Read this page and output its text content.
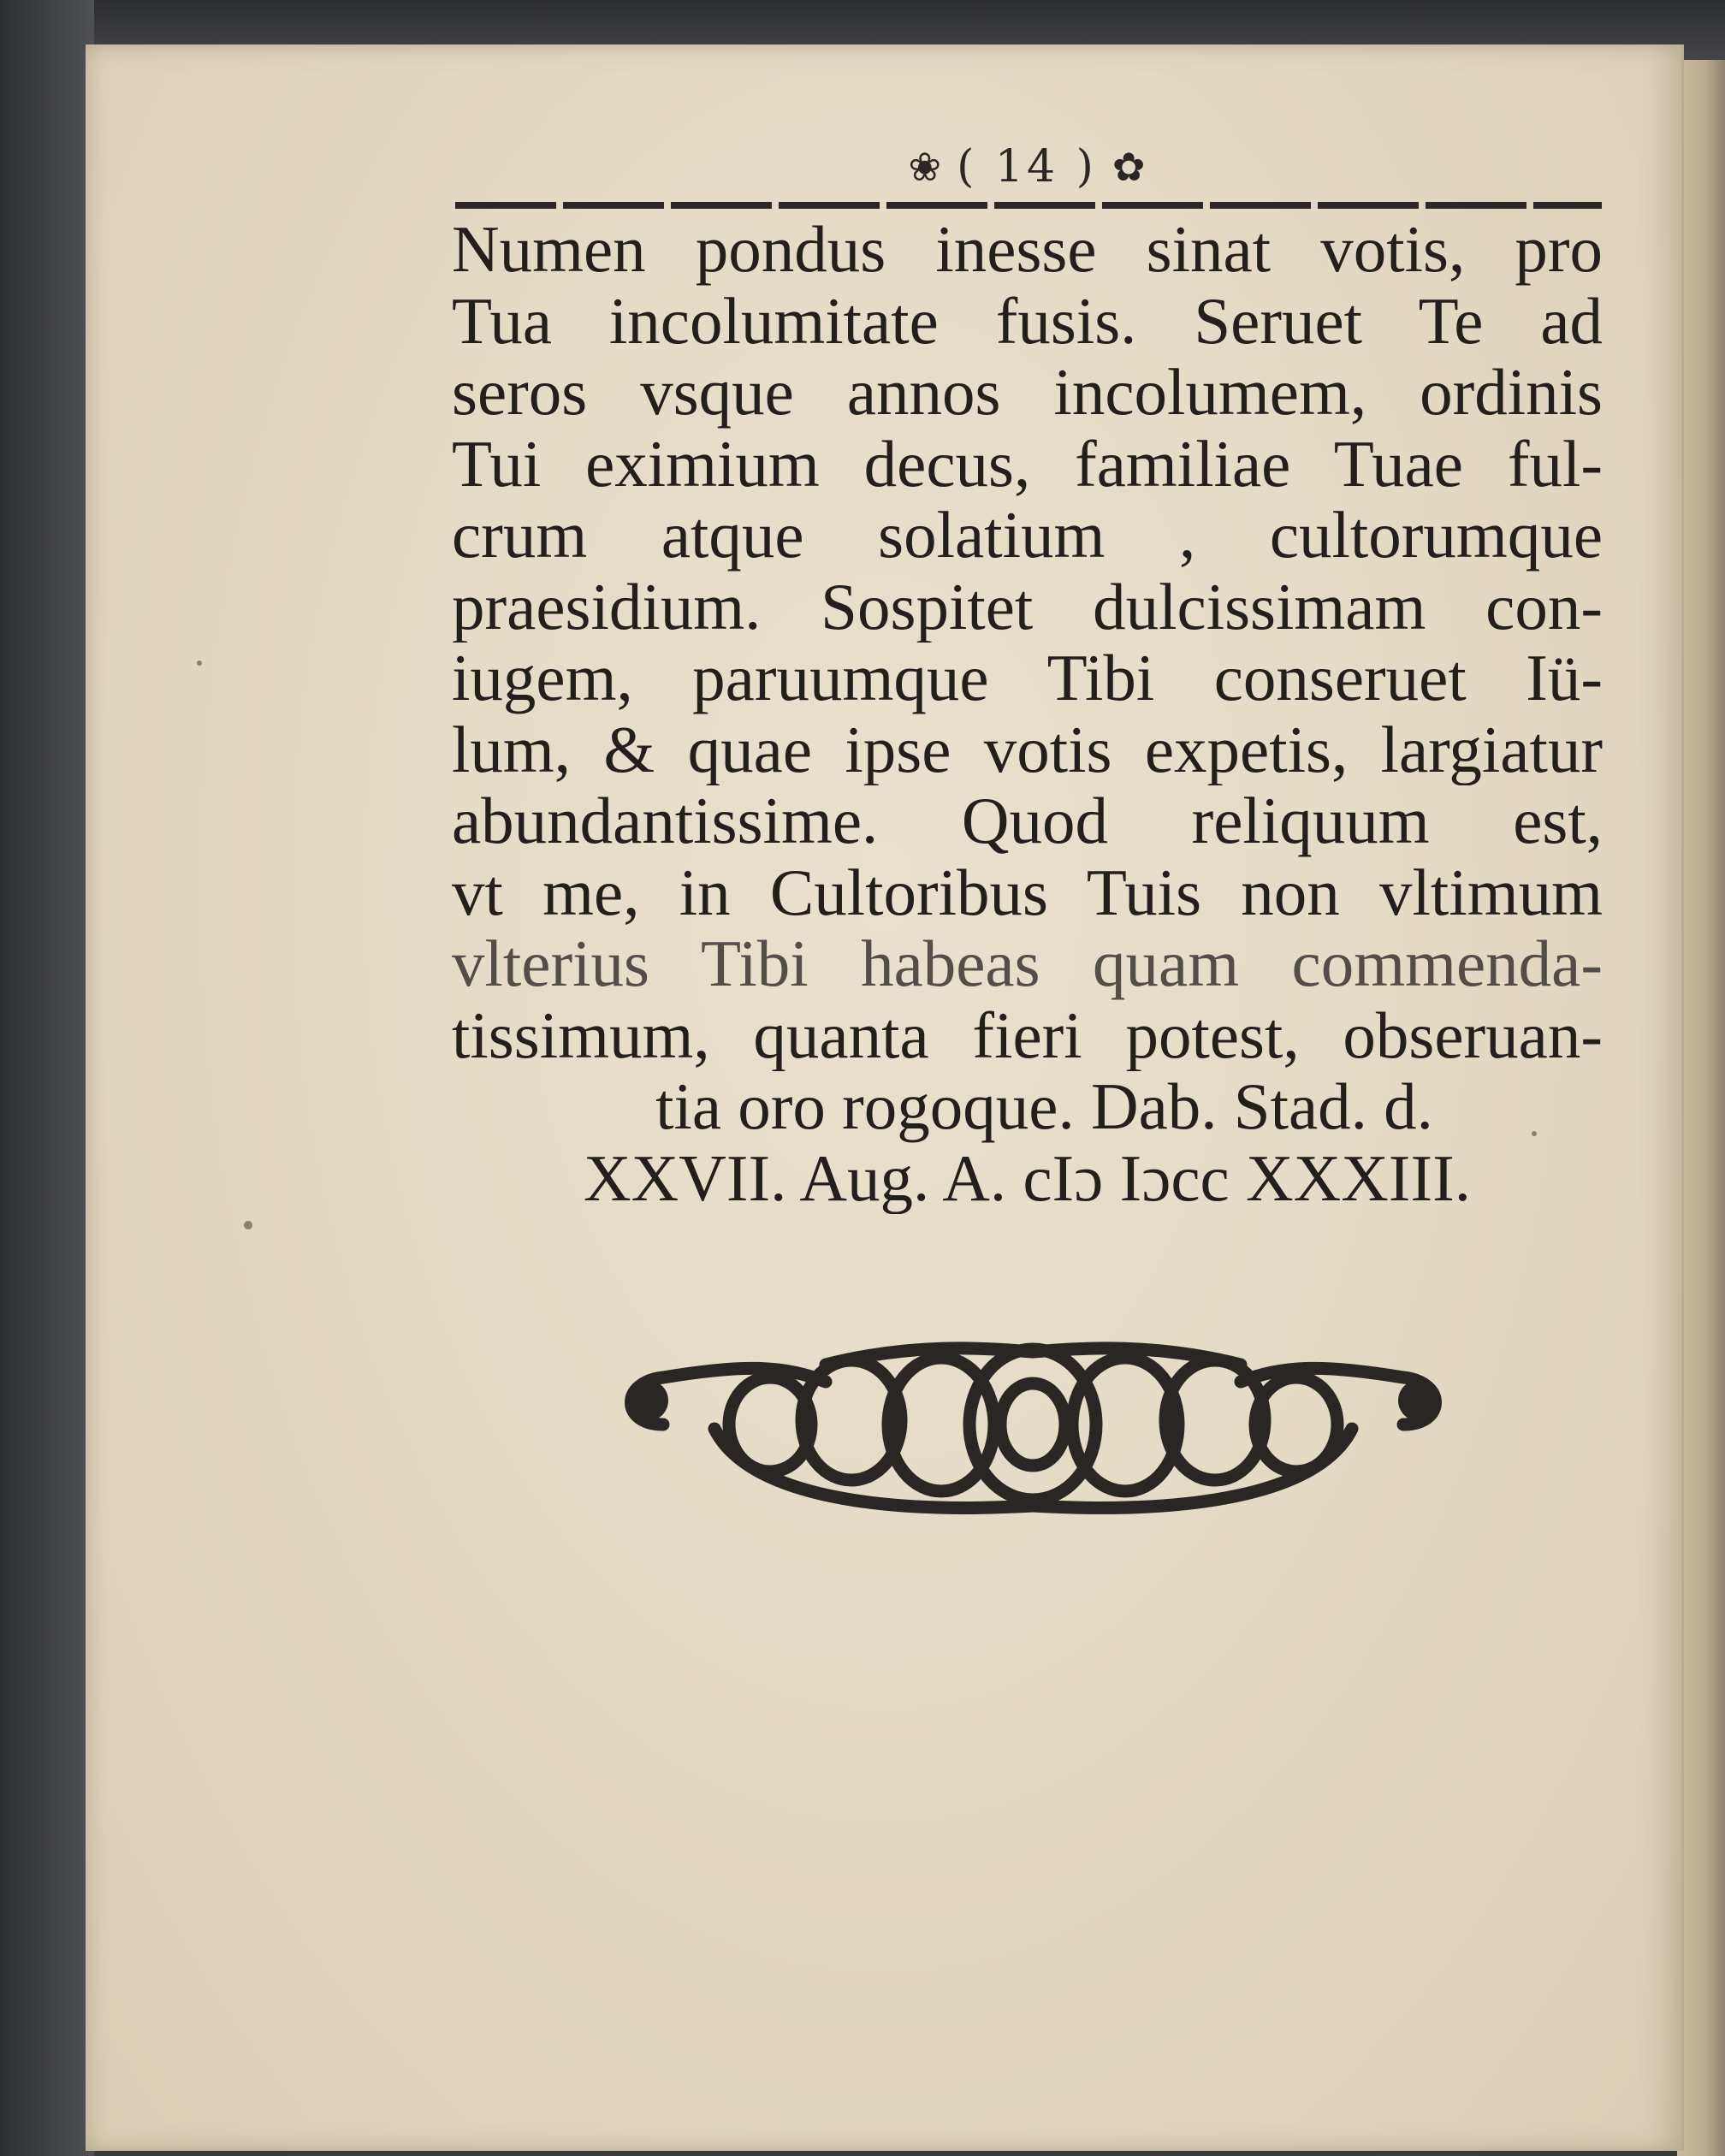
❀ ( 14 ) ✿
Numen pondus inesse sinat votis, pro
Tua incolumitate fusis. Seruet Te ad
seros vsque annos incolumem, ordinis
Tui eximium decus, familiae Tuae ful-
crum atque solatium , cultorumque
praesidium. Sospitet dulcissimam con-
iugem, paruumque Tibi conseruet Iü-
lum, & quae ipse votis expetis, largiatur
abundantissime. Quod reliquum est,
vt me, in Cultoribus Tuis non vltimum
vlterius Tibi habeas quam commenda-
tissimum, quanta fieri potest, obseruan-
tia oro rogoque. Dab. Stad. d.
XXVII. Aug. A. cIɔ Iɔcc XXXIII.
